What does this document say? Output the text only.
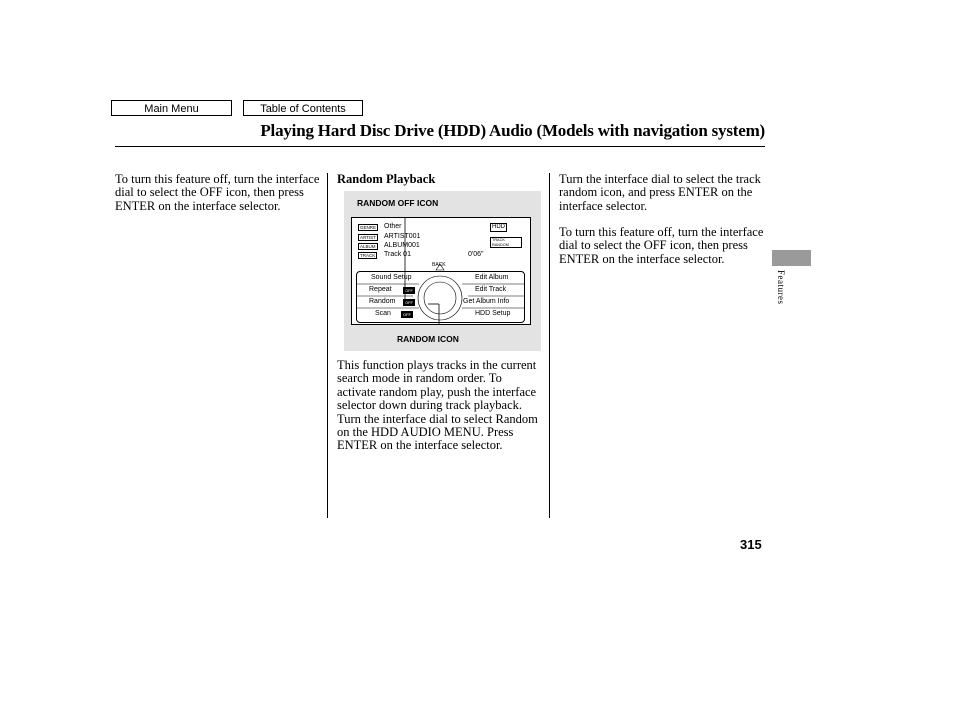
Main Menu	Table of Contents
Playing Hard Disc Drive (HDD) Audio (Models with navigation system)

To turn this feature off, turn the interface dial to select the OFF icon, then press ENTER on the interface selector.

Random Playback

This function plays tracks in the current search mode in random order. To activate random play, push the interface selector down during track playback. Turn the interface dial to select Random on the HDD AUDIO MENU. Press ENTER on the interface selector.

Turn the interface dial to select the track random icon, and press ENTER on the interface selector.

To turn this feature off, turn the interface dial to select the OFF icon, then press ENTER on the interface selector.

RANDOM OFF ICON
RANDOM ICON
GENRE
ARTIST
ALBUM
TRACK
Other
ARTIST001
ALBUM001
Track 01
HDD
TRACK RANDOM
0'06"
BACK
Sound Setup
Repeat
Random
Scan
OFF
OFF
OFF
Edit Album
Edit Track
Get Album Info
HDD Setup
Features
315
